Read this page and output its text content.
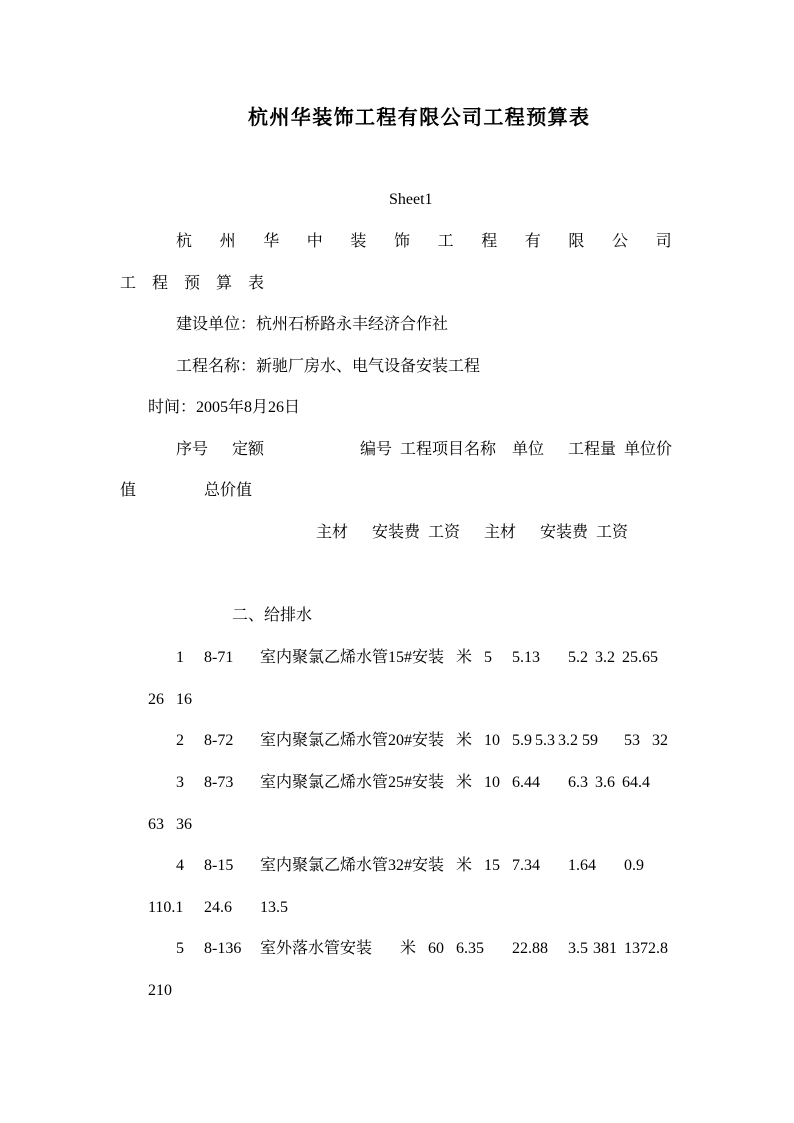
杭州华装饰工程有限公司工程预算表
Sheet1
杭州华中装饰工程有限公司
工程预算表
建设单位：杭州石桥路永丰经济合作社
工程名称：新驰厂房水、电气设备安装工程
时间：2005年8月26日
序号 定额	编号 工程项目名称 单位 工程量 单位价
值	总价值
主材 安装费 工资 主材 安装费 工资
二、给排水
1 8-71 室内聚氯乙烯水管15#安装 米 5 5.13 5.2 3.2 25.65
26 16
2 8-72 室内聚氯乙烯水管20#安装 米 10 5.9 5.3 3.2 59 53 32
3 8-73 室内聚氯乙烯水管25#安装 米 10 6.44 6.3 3.6 64.4
63 36
4 8-15 室内聚氯乙烯水管32#安装 米 15 7.34 1.64 0.9
110.1 24.6 13.5
5 8-136 室外落水管安装 米 60 6.35 22.88 3.5 381 1372.8
210
